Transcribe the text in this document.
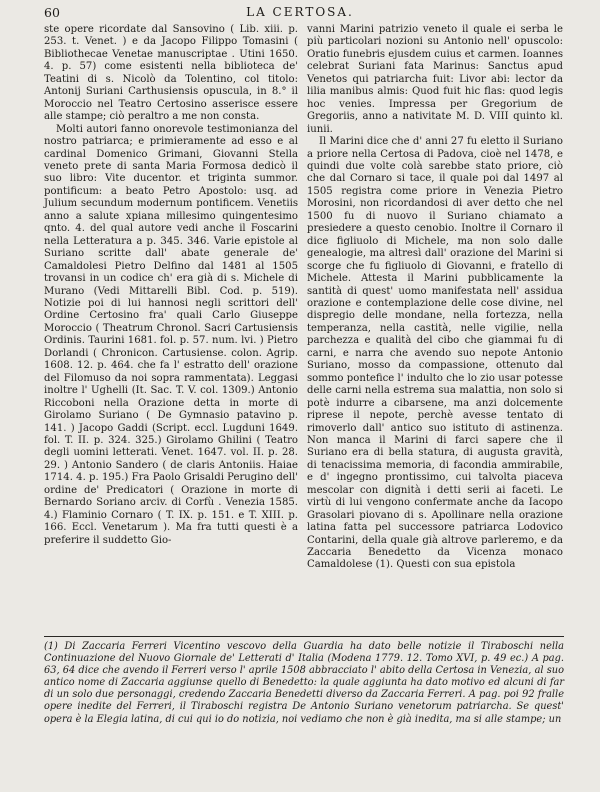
60	LA CERTOSA.

ste opere ricordate dal Sansovino ( Lib. xiii. p. 253. t. Venet. ) e da Jacopo Filippo Tomasini ( Bibliothecae Venetae manuscriptae . Utini 1650. 4. p. 57) come esistenti nella biblioteca de' Teatini di s. Nicolò da Tolentino, col titolo: Antonij Suriani Carthusiensis opuscula, in 8.° il Moroccio nel Teatro Certosino asserisce essere alle stampe; ciò peraltro a me non consta.

Molti autori fanno onorevole testimonianza del nostro patriarca; e primieramente ad esso e al cardinal Domenico Grimani, Giovanni Stella veneto prete di santa Maria Formosa dedicò il suo libro: Vite ducentor. et triginta summor. pontificum: a beato Petro Apostolo: usq. ad Julium secundum modernum pontificem. Venetiis anno a salute xpiana millesimo quingentesimo qnto. 4. del qual autore vedi anche il Foscarini nella Letteratura a p. 345. 346. Varie epistole al Suriano scritte dall' abate generale de' Camaldolesi Pietro Delfino dal 1481 al 1505 trovansi in un codice ch' era già di s. Michele di Murano (Vedi Mittarelli Bibl. Cod. p. 519). Notizie poi di lui hannosi negli scrittori dell' Ordine Certosino fra' quali Carlo Giuseppe Moroccio ( Theatrum Chronol. Sacri Cartusiensis Ordinis. Taurini 1681. fol. p. 57. num. lvi. ) Pietro Dorlandi ( Chronicon. Cartusiense. colon. Agrip. 1608. 12. p. 464. che fa l' estratto dell' orazione del Filomuso da noi sopra rammentata). Leggasi inoltre l' Ughelli (It. Sac. T. V. col. 1309.) Antonio Riccoboni nella Orazione detta in morte di Girolamo Suriano ( De Gymnasio patavino p. 141. ) Jacopo Gaddi (Script. eccl. Lugduni 1649. fol. T. II. p. 324. 325.) Girolamo Ghilini ( Teatro degli uomini letterati. Venet. 1647. vol. II. p. 28. 29. ) Antonio Sandero ( de claris Antoniis. Haiae 1714. 4. p. 195.) Fra Paolo Grisaldi Perugino dell' ordine de' Predicatori ( Orazione in morte di Bernardo Soriano arciv. di Corfù . Venezia 1585. 4.) Flaminio Cornaro ( T. IX. p. 151. e T. XIII. p. 166. Eccl. Venetarum ). Ma fra tutti questi è a preferire il suddetto Gio-

vanni Marini patrizio veneto il quale ei serba le più particolari nozioni su Antonio nell' opuscolo: Oratio funebris ejusdem cuius et carmen. Ioannes celebrat Suriani fata Marinus: Sanctus apud Venetos qui patriarcha fuit: Livor abi: lector da lilia manibus almis: Quod fuit hic flas: quod legis hoc venies. Impressa per Gregorium de Gregoriis, anno a nativitate M. D. VIII quinto kl. iunii.

Il Marini dice che d' anni 27 fu eletto il Suriano a priore nella Certosa di Padova, cioè nel 1478, e quindi due volte colà sarebbe stato priore, ciò che dal Cornaro si tace, il quale poi dal 1497 al 1505 registra come priore in Venezia Pietro Morosini, non ricordandosi di aver detto che nel 1500 fu di nuovo il Suriano chiamato a presiedere a questo cenobio. Inoltre il Cornaro il dice figliuolo di Michele, ma non solo dalle genealogie, ma altresì dall' orazione del Marini si scorge che fu figliuolo di Giovanni, e fratello di Michele. Attesta il Marini pubblicamente la santità di quest' uomo manifestata nell' assidua orazione e contemplazione delle cose divine, nel dispregio delle mondane, nella fortezza, nella temperanza, nella castità, nelle vigilie, nella parchezza e qualità del cibo che giammai fu di carni, e narra che avendo suo nepote Antonio Suriano, mosso da compassione, ottenuto dal sommo pontefice l' indulto che lo zio usar potesse delle carni nella estrema sua malattia, non solo si potè indurre a cibarsene, ma anzi dolcemente riprese il nepote, perchè avesse tentato di rimoverlo dall' antico suo istituto di astinenza. Non manca il Marini di farci sapere che il Suriano era di bella statura, di augusta gravità, di tenacissima memoria, di facondia ammirabile, e d' ingegno prontissimo, cui talvolta piaceva mescolar con dignità i detti serii ai faceti. Le virtù di lui vengono confermate anche da Iacopo Grasolari piovano di s. Apollinare nella orazione latina fatta pel successore patriarca Lodovico Contarini, della quale già altrove parleremo, e da Zaccaria Benedetto da Vicenza monaco Camaldolese (1). Questi con sua epistola

(1) Di Zaccaria Ferreri Vicentino vescovo della Guardia ha dato belle notizie il Tiraboschi nella Continuazione del Nuovo Giornale de' Letterati d' Italia (Modena 1779. 12. Tomo XVI, p. 49 ec.) A pag. 63, 64 dice che avendo il Ferreri verso l' aprile 1508 abbracciato l' abito della Certosa in Venezia, al suo antico nome di Zaccaria aggiunse quello di Benedetto: la quale aggiunta ha dato motivo ed alcuni di far di un solo due personaggi, credendo Zaccaria Benedetti diverso da Zaccaria Ferreri. A pag. poi 92 fralle opere inedite del Ferreri, il Tiraboschi registra De Antonio Suriano venetorum patriarcha. Se quest' opera è la Elegia latina, di cui qui io do notizia, noi vediamo che non è già inedita, ma si alle stampe; un
